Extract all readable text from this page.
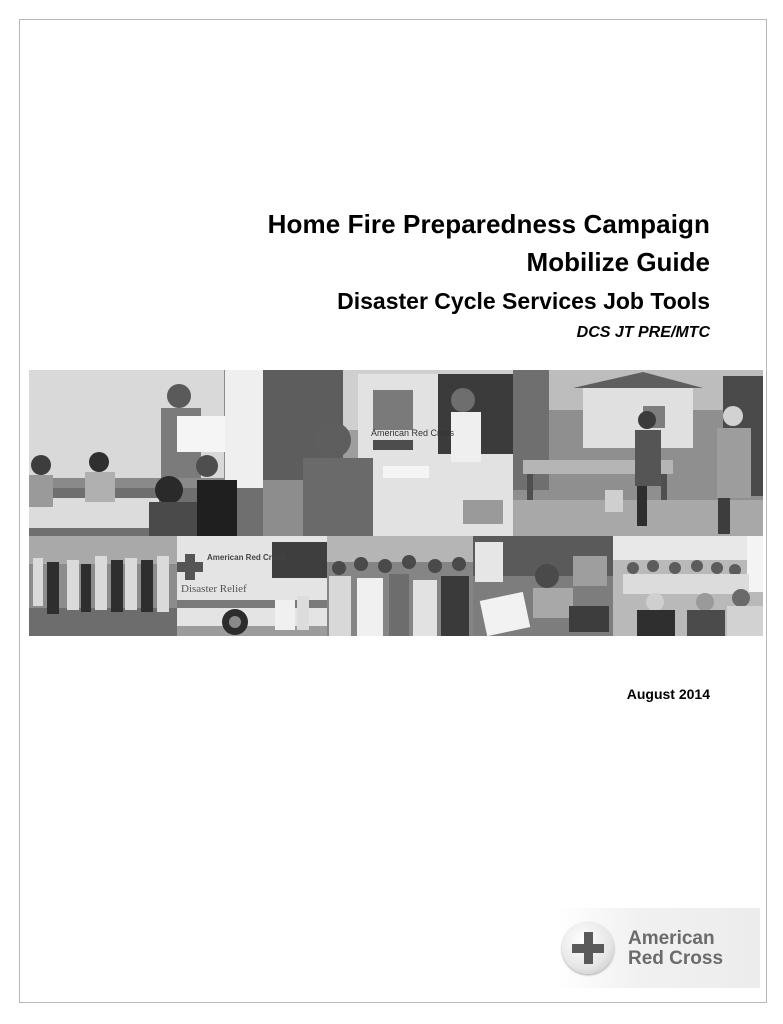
Home Fire Preparedness Campaign
Mobilize Guide
Disaster Cycle Services Job Tools
DCS JT PRE/MTC
American Red Cross
American Red Cross
Disaster Relief
August 2014
American
Red Cross
